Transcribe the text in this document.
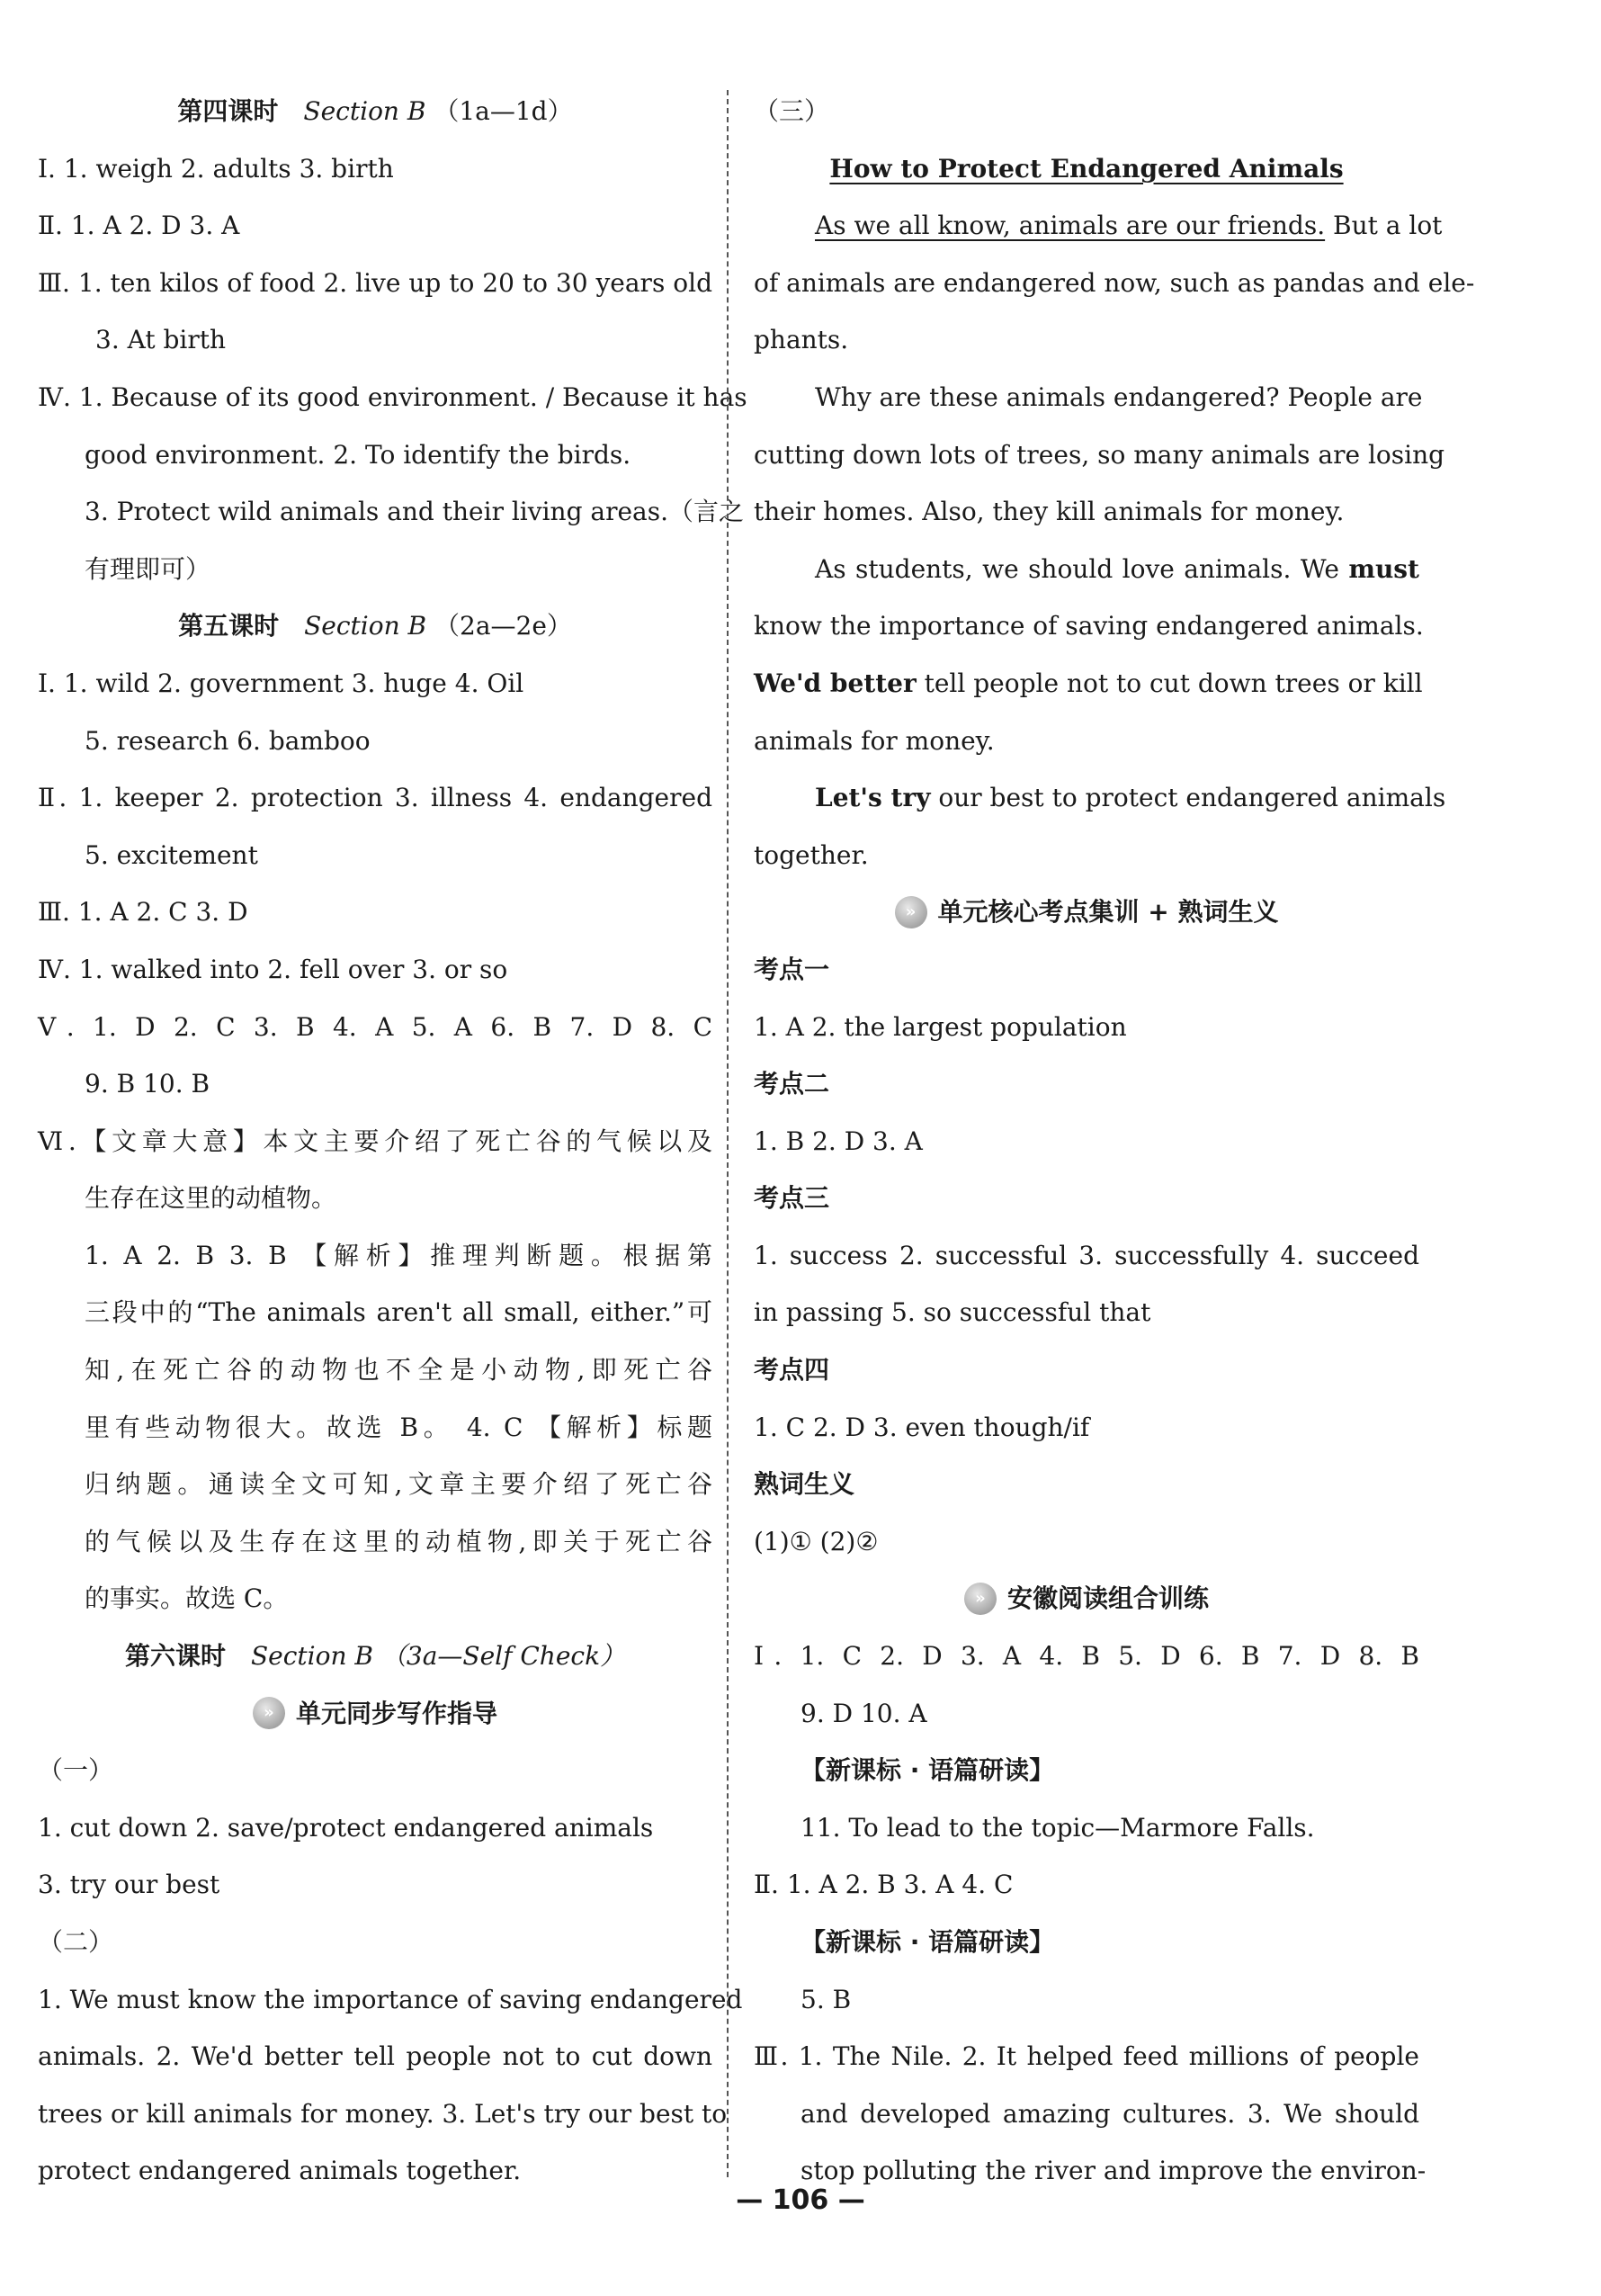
第四课时 Section B （1a—1d）
Ⅰ. 1. weigh 2. adults 3. birth
Ⅱ. 1. A 2. D 3. A
Ⅲ. 1. ten kilos of food 2. live up to 20 to 30 years old
3. At birth
Ⅳ. 1. Because of its good environment. / Because it has
good environment. 2. To identify the birds.
3. Protect wild animals and their living areas.（言之
有理即可）
第五课时 Section B （2a—2e）
Ⅰ. 1. wild 2. government 3. huge 4. Oil
5. research 6. bamboo
Ⅱ. 1. keeper 2. protection 3. illness 4. endangered
5. excitement
Ⅲ. 1. A 2. C 3. D
Ⅳ. 1. walked into 2. fell over 3. or so
Ⅴ. 1. D 2. C 3. B 4. A 5. A 6. B 7. D 8. C
9. B 10. B
Ⅵ.【文章大意】本文主要介绍了死亡谷的气候以及
生存在这里的动植物。
1. A 2. B 3. B 【解析】推理判断题。根据第
三段中的“The animals aren't all small, either.”可
知,在死亡谷的动物也不全是小动物,即死亡谷
里有些动物很大。故选 B。 4. C 【解析】标题
归纳题。通读全文可知,文章主要介绍了死亡谷
的气候以及生存在这里的动植物,即关于死亡谷
的事实。故选 C。
第六课时 Section B （3a—Self Check）
» 单元同步写作指导
（一）
1. cut down 2. save/protect endangered animals
3. try our best
（二）
1. We must know the importance of saving endangered
animals. 2. We'd better tell people not to cut down
trees or kill animals for money. 3. Let's try our best to
protect endangered animals together.
（三）
How to Protect Endangered Animals
As we all know, animals are our friends. But a lot
of animals are endangered now, such as pandas and ele-
phants.
Why are these animals endangered? People are
cutting down lots of trees, so many animals are losing
their homes. Also, they kill animals for money.
As students, we should love animals. We must
know the importance of saving endangered animals.
We'd better tell people not to cut down trees or kill
animals for money.
Let's try our best to protect endangered animals
together.
» 单元核心考点集训 + 熟词生义
考点一
1. A 2. the largest population
考点二
1. B 2. D 3. A
考点三
1. success 2. successful 3. successfully 4. succeed
in passing 5. so successful that
考点四
1. C 2. D 3. even though/if
熟词生义
(1)① (2)②
» 安徽阅读组合训练
Ⅰ. 1. C 2. D 3. A 4. B 5. D 6. B 7. D 8. B
9. D 10. A
【新课标 · 语篇研读】
11. To lead to the topic—Marmore Falls.
Ⅱ. 1. A 2. B 3. A 4. C
【新课标 · 语篇研读】
5. B
Ⅲ. 1. The Nile. 2. It helped feed millions of people
and developed amazing cultures. 3. We should
stop polluting the river and improve the environ-
— 106 —
